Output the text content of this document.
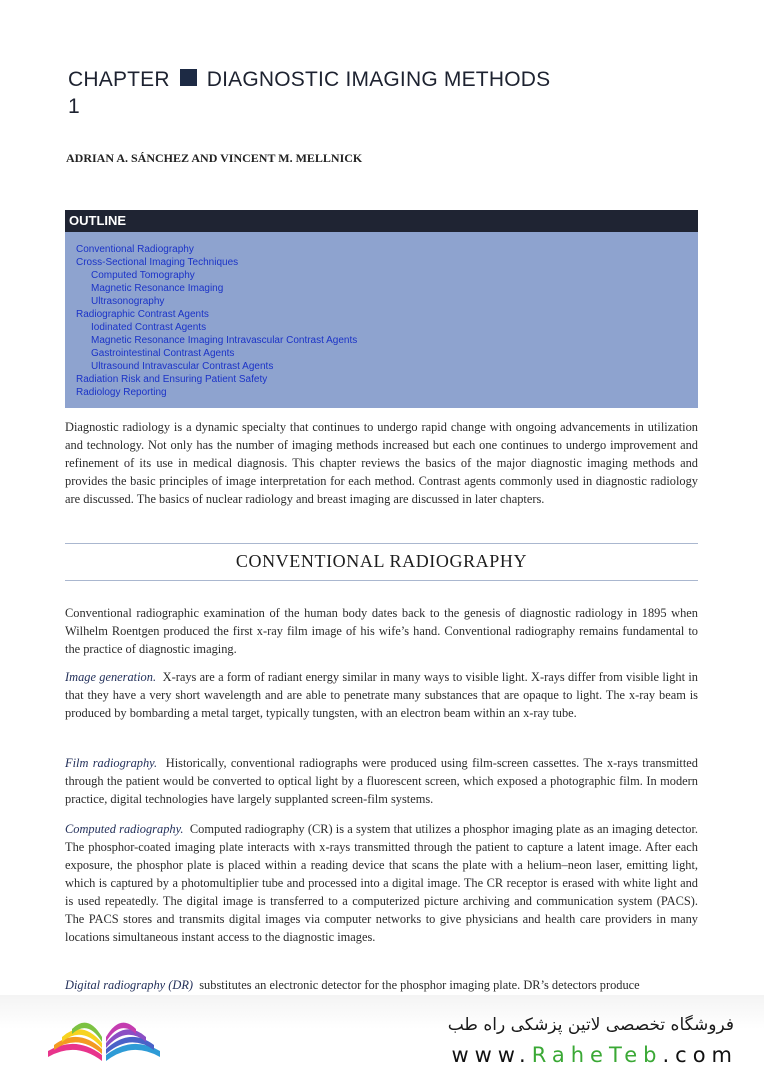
CHAPTER DIAGNOSTIC IMAGING METHODS
1
ADRIAN A. SÁNCHEZ AND VINCENT M. MELLNICK
OUTLINE
Conventional Radiography
Cross-Sectional Imaging Techniques
Computed Tomography
Magnetic Resonance Imaging
Ultrasonography
Radiographic Contrast Agents
Iodinated Contrast Agents
Magnetic Resonance Imaging Intravascular Contrast Agents
Gastrointestinal Contrast Agents
Ultrasound Intravascular Contrast Agents
Radiation Risk and Ensuring Patient Safety
Radiology Reporting

Diagnostic radiology is a dynamic specialty that continues to undergo rapid change with ongoing advancements in utilization and technology. Not only has the number of imaging methods increased but each one continues to undergo improvement and refinement of its use in medical diagnosis. This chapter reviews the basics of the major diagnostic imaging methods and provides the basic principles of image interpretation for each method. Contrast agents commonly used in diagnostic radiology are discussed. The basics of nuclear radiology and breast imaging are discussed in later chapters.

CONVENTIONAL RADIOGRAPHY

Conventional radiographic examination of the human body dates back to the genesis of diagnostic radiology in 1895 when Wilhelm Roentgen produced the first x-ray film image of his wife’s hand. Conventional radiography remains fundamental to the practice of diagnostic imaging.

Image generation. X-rays are a form of radiant energy similar in many ways to visible light. X-rays differ from visible light in that they have a very short wavelength and are able to penetrate many substances that are opaque to light. The x-ray beam is produced by bombarding a metal target, typically tungsten, with an electron beam within an x-ray tube.

Film radiography. Historically, conventional radiographs were produced using film-screen cassettes. The x-rays transmitted through the patient would be converted to optical light by a fluorescent screen, which exposed a photographic film. In modern practice, digital technologies have largely supplanted screen-film systems.

Computed radiography. Computed radiography (CR) is a system that utilizes a phosphor imaging plate as an imaging detector. The phosphor-coated imaging plate interacts with x-rays transmitted through the patient to capture a latent image. After each exposure, the phosphor plate is placed within a reading device that scans the plate with a helium–neon laser, emitting light, which is captured by a photomultiplier tube and processed into a digital image. The CR receptor is erased with white light and is used repeatedly. The digital image is transferred to a computerized picture archiving and communication system (PACS). The PACS stores and transmits digital images via computer networks to give physicians and health care providers in many locations simultaneous instant access to the diagnostic images.

Digital radiography (DR) substitutes an electronic detector for the phosphor imaging plate. DR’s detectors produce

فروشگاه تخصصی لاتین پزشکی راه طب
www.RaheTeb.com
